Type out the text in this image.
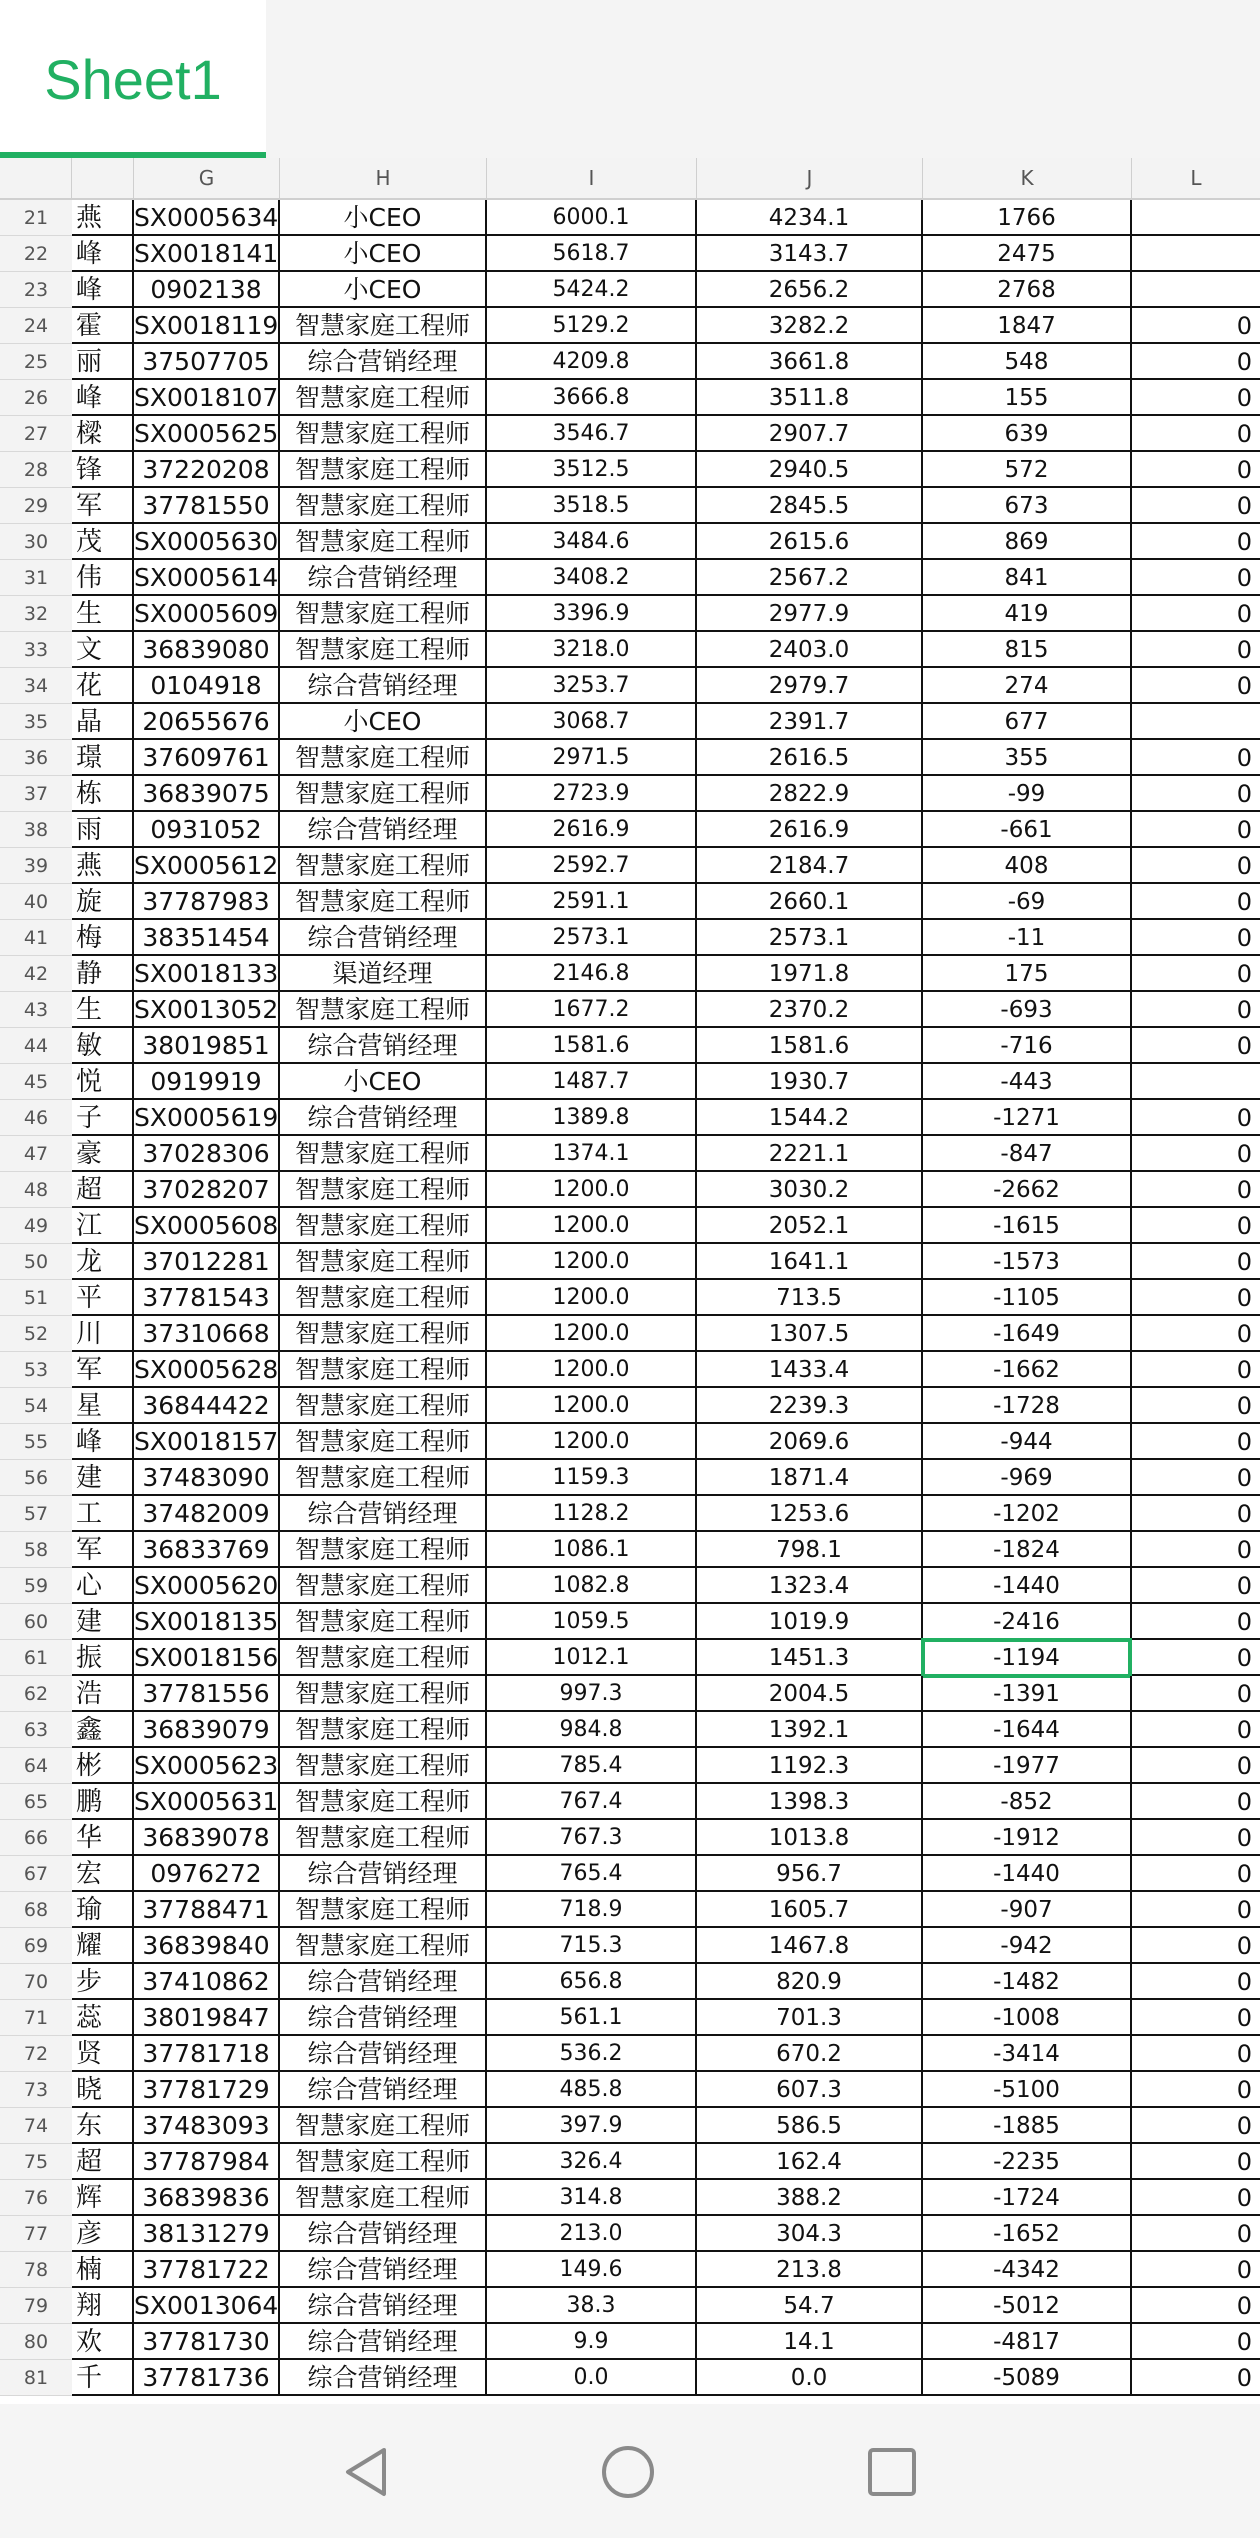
Sheet1
G	H	I	J	K	L
21	燕	SX0005634	小CEO	6000.1	4234.1	1766
22	峰	SX0018141	小CEO	5618.7	3143.7	2475
23	峰	0902138	小CEO	5424.2	2656.2	2768
24	霍	SX0018119 智慧家庭工程师	5129.2	3282.2	1847	0
25	丽	37507705	综合营销经理	4209.8	3661.8	548	0
26	峰	SX0018107 智慧家庭工程师	3666.8	3511.8	155	0
27	樑	SX0005625 智慧家庭工程师	3546.7	2907.7	639	0
28	锋	37220208	智慧家庭工程师	3512.5	2940.5	572	0
29	军	37781550	智慧家庭工程师	3518.5	2845.5	673	0
30	茂	SX0005630 智慧家庭工程师	3484.6	2615.6	869	0
31	伟	SX0005614	综合营销经理	3408.2	2567.2	841	0
32	生	SX0005609 智慧家庭工程师	3396.9	2977.9	419	0
33	文	36839080	智慧家庭工程师	3218.0	2403.0	815	0
34	花	0104918	综合营销经理	3253.7	2979.7	274	0
35	晶	20655676	小CEO	3068.7	2391.7	677
36	璟	37609761	智慧家庭工程师	2971.5	2616.5	355	0
37	栋	36839075	智慧家庭工程师	2723.9	2822.9	-99	0
38	雨	0931052	综合营销经理	2616.9	2616.9	-661	0
39	燕	SX0005612 智慧家庭工程师	2592.7	2184.7	408	0
40	旋	37787983	智慧家庭工程师	2591.1	2660.1	-69	0
41	梅	38351454	综合营销经理	2573.1	2573.1	-11	0
42	静	SX0018133	渠道经理	2146.8	1971.8	175	0
43	生	SX0013052 智慧家庭工程师	1677.2	2370.2	-693	0
44	敏	38019851	综合营销经理	1581.6	1581.6	-716	0
45	悦	0919919	小CEO	1487.7	1930.7	-443
46	子	SX0005619	综合营销经理	1389.8	1544.2	-1271	0
47	豪	37028306	智慧家庭工程师	1374.1	2221.1	-847	0
48	超	37028207	智慧家庭工程师	1200.0	3030.2	-2662	0
49	江	SX0005608 智慧家庭工程师	1200.0	2052.1	-1615	0
50	龙	37012281	智慧家庭工程师	1200.0	1641.1	-1573	0
51	平	37781543	智慧家庭工程师	1200.0	713.5	-1105	0
52	川	37310668	智慧家庭工程师	1200.0	1307.5	-1649	0
53	军	SX0005628 智慧家庭工程师	1200.0	1433.4	-1662	0
54	星	36844422	智慧家庭工程师	1200.0	2239.3	-1728	0
55	峰	SX0018157 智慧家庭工程师	1200.0	2069.6	-944	0
56	建	37483090	智慧家庭工程师	1159.3	1871.4	-969	0
57	工	37482009	综合营销经理	1128.2	1253.6	-1202	0
58	军	36833769	智慧家庭工程师	1086.1	798.1	-1824	0
59	心	SX0005620 智慧家庭工程师	1082.8	1323.4	-1440	0
60	建	SX0018135 智慧家庭工程师	1059.5	1019.9	-2416	0
61	振	SX0018156 智慧家庭工程师	1012.1	1451.3	-1194	0
62	浩	37781556	智慧家庭工程师	997.3	2004.5	-1391	0
63	鑫	36839079	智慧家庭工程师	984.8	1392.1	-1644	0
64	彬	SX0005623 智慧家庭工程师	785.4	1192.3	-1977	0
65	鹏	SX0005631 智慧家庭工程师	767.4	1398.3	-852	0
66	华	36839078	智慧家庭工程师	767.3	1013.8	-1912	0
67	宏	0976272	综合营销经理	765.4	956.7	-1440	0
68	瑜	37788471	智慧家庭工程师	718.9	1605.7	-907	0
69	耀	36839840	智慧家庭工程师	715.3	1467.8	-942	0
70	步	37410862	综合营销经理	656.8	820.9	-1482	0
71	蕊	38019847	综合营销经理	561.1	701.3	-1008	0
72	贤	37781718	综合营销经理	536.2	670.2	-3414	0
73	晓	37781729	综合营销经理	485.8	607.3	-5100	0
74	东	37483093	智慧家庭工程师	397.9	586.5	-1885	0
75	超	37787984	智慧家庭工程师	326.4	162.4	-2235	0
76	辉	36839836	智慧家庭工程师	314.8	388.2	-1724	0
77	彦	38131279	综合营销经理	213.0	304.3	-1652	0
78	楠	37781722	综合营销经理	149.6	213.8	-4342	0
79	翔	SX0013064	综合营销经理	38.3	54.7	-5012	0
80	欢	37781730	综合营销经理	9.9	14.1	-4817	0
81	千	37781736	综合营销经理	0.0	0.0	-5089	0
